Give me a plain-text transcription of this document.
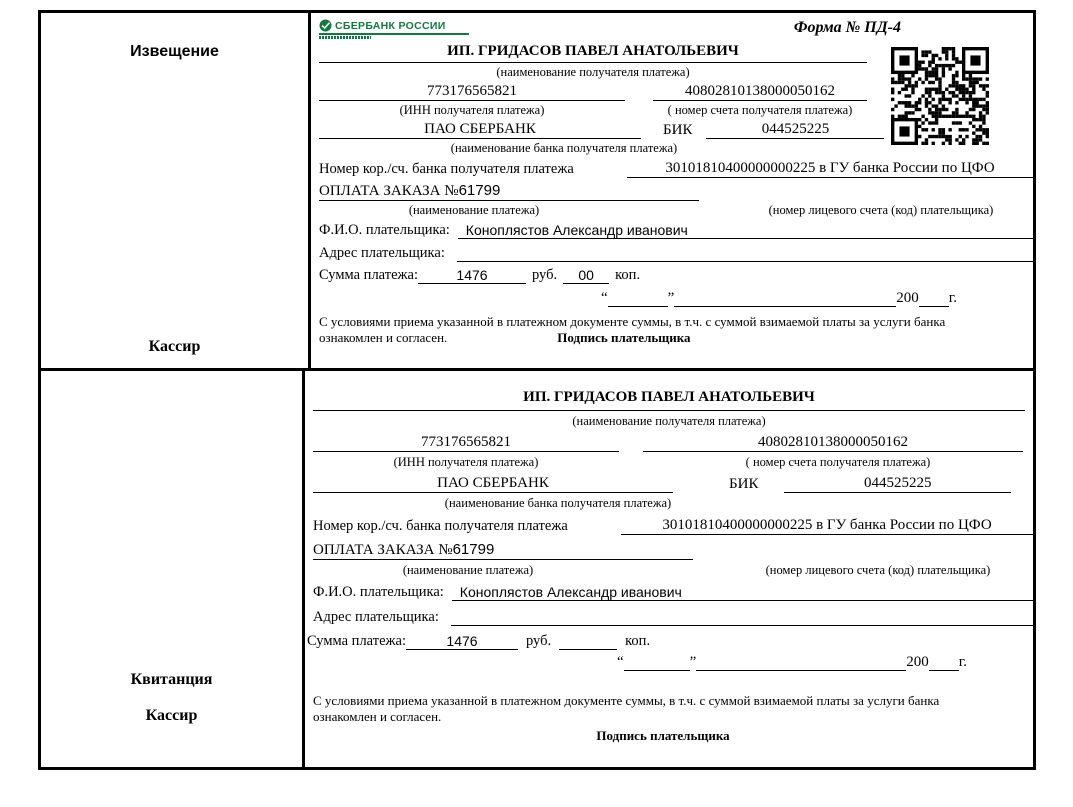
Извещение
Кассир
СБЕРБАНК РОССИИ	Форма № ПД-4
ИП. ГРИДАСОВ ПАВЕЛ АНАТОЛЬЕВИЧ
(наименование получателя платежа)
773176565821	40802810138000050162
(ИНН получателя платежа)	( номер счета получателя платежа)
ПАО СБЕРБАНК	БИК	044525225
(наименование банка получателя платежа)
Номер кор./сч. банка получателя платежа	30101810400000000225 в ГУ банка России по ЦФО
ОПЛАТА ЗАКАЗА №61799
(наименование платежа)	(номер лицевого счета (код) плательщика)
Ф.И.О. плательщика:	Коноплястов Александр иванович
Адрес плательщика:
Сумма платежа:	1476	руб.	00	коп.
“	”	200 г.
С условиями приема указанной в платежном документе суммы, в т.ч. с суммой взимаемой платы за услуги банка
ознакомлен и согласен.	Подпись плательщика
Квитанция
Кассир
ИП. ГРИДАСОВ ПАВЕЛ АНАТОЛЬЕВИЧ
(наименование получателя платежа)
773176565821	40802810138000050162
(ИНН получателя платежа)	( номер счета получателя платежа)
ПАО СБЕРБАНК	БИК	044525225
(наименование банка получателя платежа)
Номер кор./сч. банка получателя платежа	30101810400000000225 в ГУ банка России по ЦФО
ОПЛАТА ЗАКАЗА №61799
(наименование платежа)	(номер лицевого счета (код) плательщика)
Ф.И.О. плательщика:	Коноплястов Александр иванович
Адрес плательщика:
Сумма платежа:	1476	руб.	коп.
“	”	200 г.
С условиями приема указанной в платежном документе суммы, в т.ч. с суммой взимаемой платы за услуги банка
ознакомлен и согласен.
Подпись плательщика
